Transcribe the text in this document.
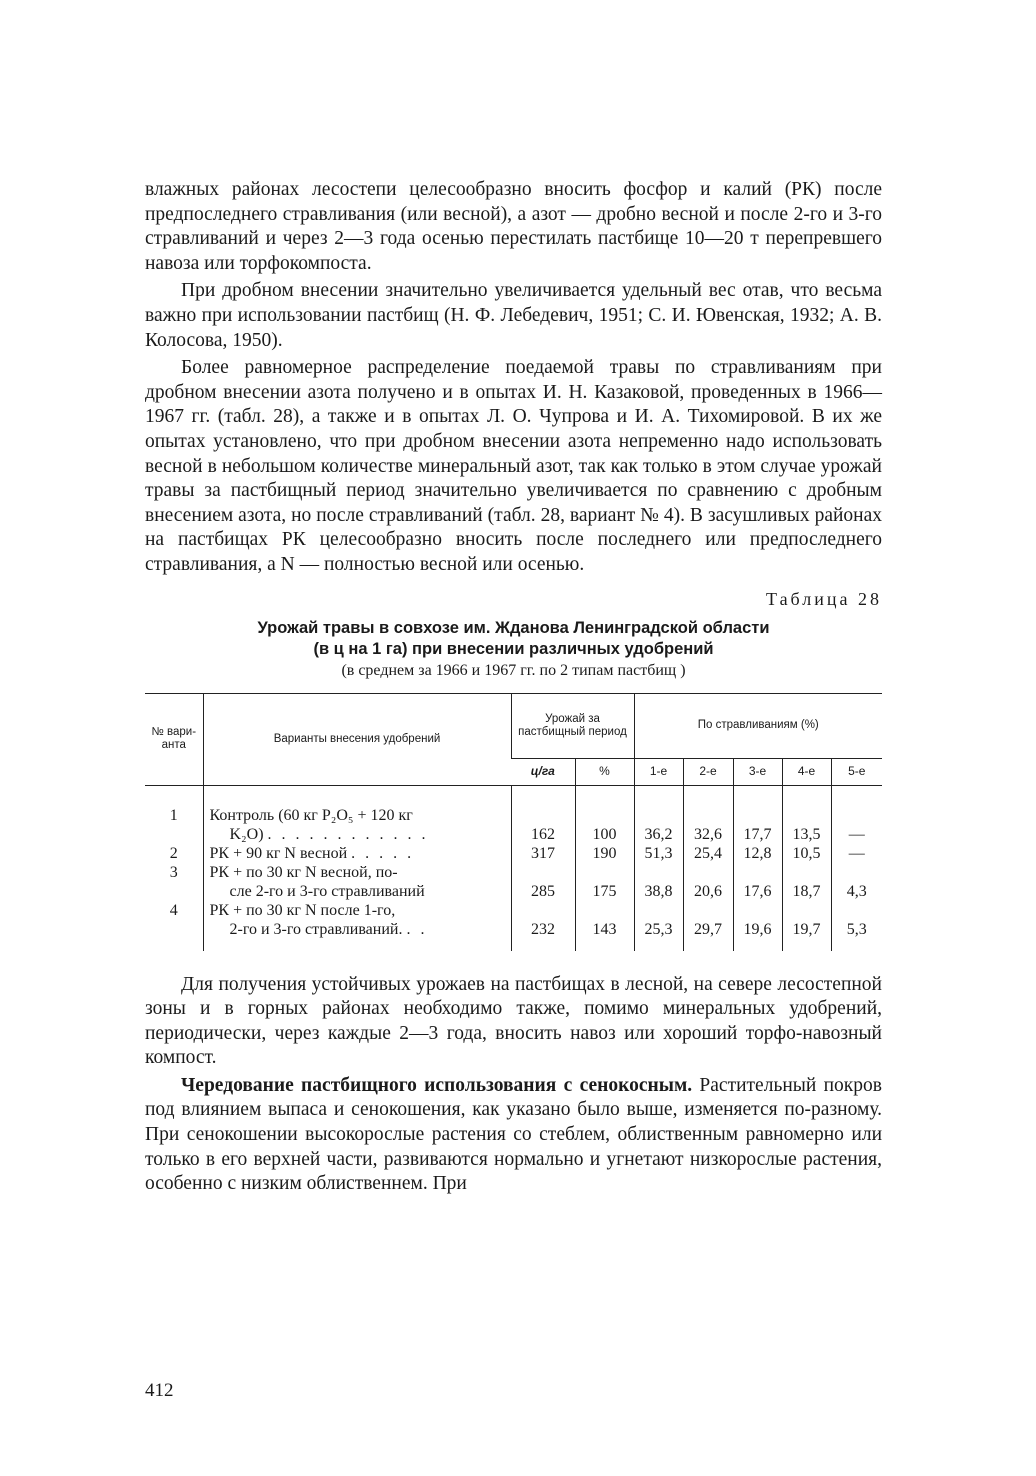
влажных районах лесостепи целесообразно вносить фосфор и калий (РК) после предпоследнего стравливания (или весной), а азот — дробно весной и после 2-го и 3-го стравливаний и через 2—3 года осенью перестилать пастбище 10—20 т перепревшего навоза или торфокомпоста.

При дробном внесении значительно увеличивается удельный вес отав, что весьма важно при использовании пастбищ (Н. Ф. Лебедевич, 1951; С. И. Ювенская, 1932; А. В. Колосова, 1950).

Более равномерное распределение поедаемой травы по стравливаниям при дробном внесении азота получено и в опытах И. Н. Казаковой, проведенных в 1966—1967 гг. (табл. 28), а также и в опытах Л. О. Чупрова и И. А. Тихомировой. В их же опытах установлено, что при дробном внесении азота непременно надо использовать весной в небольшом количестве минеральный азот, так как только в этом случае урожай травы за пастбищный период значительно увеличивается по сравнению с дробным внесением азота, но после стравливаний (табл. 28, вариант № 4). В засушливых районах на пастбищах РК целесообразно вносить после последнего или предпоследнего стравливания, а N — полностью весной или осенью.

Таблица 28
Урожай травы в совхозе им. Жданова Ленинградской области
(в ц на 1 га) при внесении различных удобрений
(в среднем за 1966 и 1967 гг. по 2 типам пастбищ )
№ вари-анта	Варианты внесения удобрений	Урожай за пастбищный период		По стравливаниям (%)				
		ц/га	%	1-е	2-е	3-е	4-е	5-е
1	Контроль (60 кг P₂O₅ + 120 кг
K₂O) . . . . . . . . . . . .	162	100	36,2	32,6	17,7	13,5	—
2	РК + 90 кг N весной . . . . .	317	190	51,3	25,4	12,8	10,5	—
3	РК + по 30 кг N весной, по-
сле 2-го и 3-го стравливаний	285	175	38,8	20,6	17,6	18,7	4,3
4	РК + по 30 кг N после 1-го,
2-го и 3-го стравливаний. . .	232	143	25,3	29,7	19,6	19,7	5,3

Для получения устойчивых урожаев на пастбищах в лесной, на севере лесостепной зоны и в горных районах необходимо также, помимо минеральных удобрений, периодически, через каждые 2—3 года, вносить навоз или хороший торфо-навозный компост.

Чередование пастбищного использования с сенокосным. Растительный покров под влиянием выпаса и сенокошения, как указано было выше, изменяется по-разному. При сенокошении высокорослые растения со стеблем, облиственным равномерно или только в его верхней части, развиваются нормально и угнетают низкорослые растения, особенно с низким облиственнем. При

412
